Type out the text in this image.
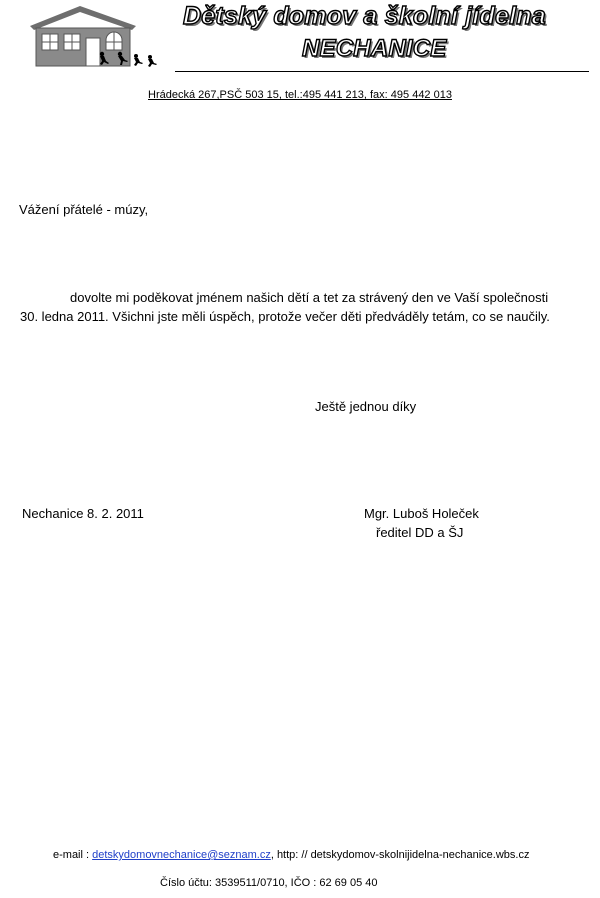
Dětský domov a školní jídelna
NECHANICE
Hrádecká 267,PSČ 503 15, tel.:495 441 213, fax: 495 442 013
Vážení přátelé - múzy,
dovolte mi poděkovat jménem našich dětí a tet za strávený den ve Vaší společnosti
30. ledna 2011. Všichni jste měli úspěch, protože večer děti předváděly tetám, co se naučily.
Ještě jednou díky
Nechanice 8. 2. 2011	Mgr. Luboš Holeček
ředitel DD a ŠJ
e-mail : detskydomovnechanice@seznam.cz, http: // detskydomov-skolnijidelna-nechanice.wbs.cz
Číslo účtu: 3539511/0710, IČO : 62 69 05 40
